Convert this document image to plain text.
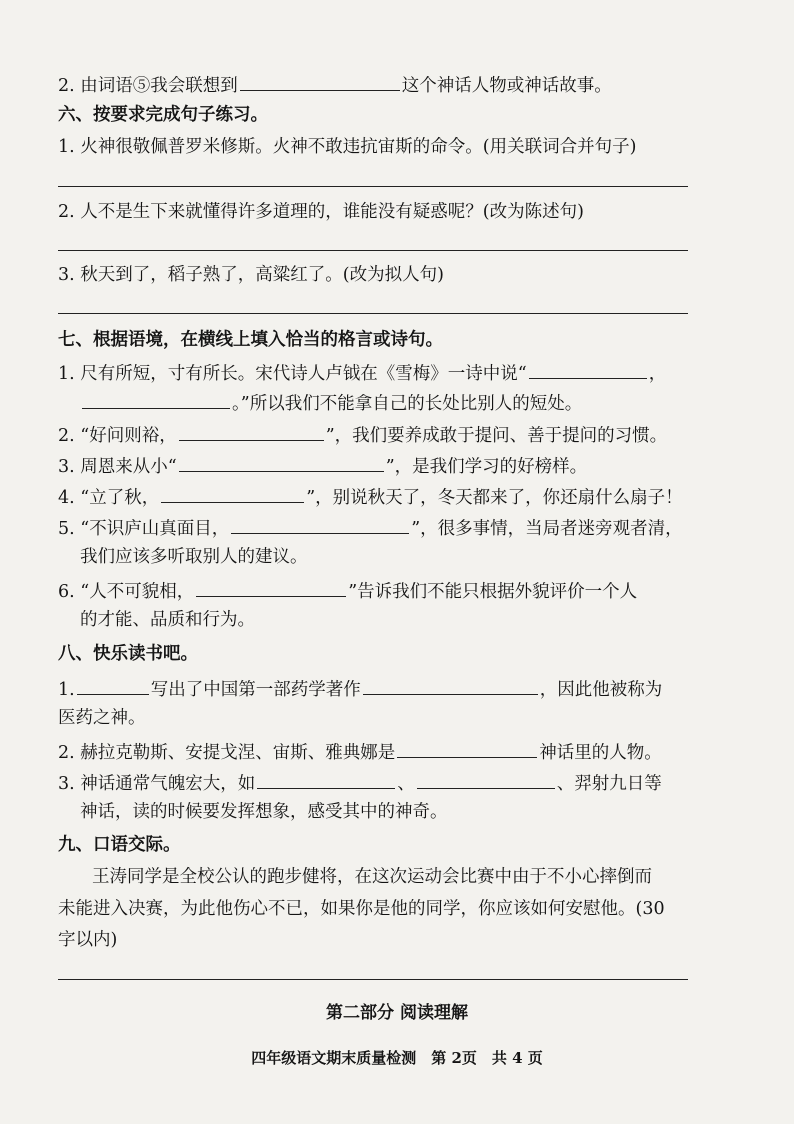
2. 由词语⑤我会联想到	这个神话人物或神话故事。
六、按要求完成句子练习。
1. 火神很敬佩普罗米修斯。火神不敢违抗宙斯的命令。(用关联词合并句子)
2. 人不是生下来就懂得许多道理的，谁能没有疑惑呢？(改为陈述句)
3. 秋天到了，稻子熟了，高粱红了。(改为拟人句)
七、根据语境，在横线上填入恰当的格言或诗句。
1. 尺有所短，寸有所长。宋代诗人卢钺在《雪梅》一诗中说“	，
。”所以我们不能拿自己的长处比别人的短处。
2. “好问则裕，	”，我们要养成敢于提问、善于提问的习惯。
3. 周恩来从小“	”，是我们学习的好榜样。
4. “立了秋，	”，别说秋天了，冬天都来了，你还扇什么扇子！
5. “不识庐山真面目，	”，很多事情，当局者迷旁观者清，
我们应该多听取别人的建议。
6. “人不可貌相，	”告诉我们不能只根据外貌评价一个人
的才能、品质和行为。
八、快乐读书吧。
1.	写出了中国第一部药学著作	，因此他被称为
医药之神。
2. 赫拉克勒斯、安提戈涅、宙斯、雅典娜是	神话里的人物。
3. 神话通常气魄宏大，如	、	、羿射九日等
神话，读的时候要发挥想象，感受其中的神奇。
九、口语交际。
王涛同学是全校公认的跑步健将，在这次运动会比赛中由于不小心摔倒而
未能进入决赛，为此他伤心不已，如果你是他的同学，你应该如何安慰他。(30
字以内)
第二部分 阅读理解
四年级语文期末质量检测　第 2页　共 4 页
